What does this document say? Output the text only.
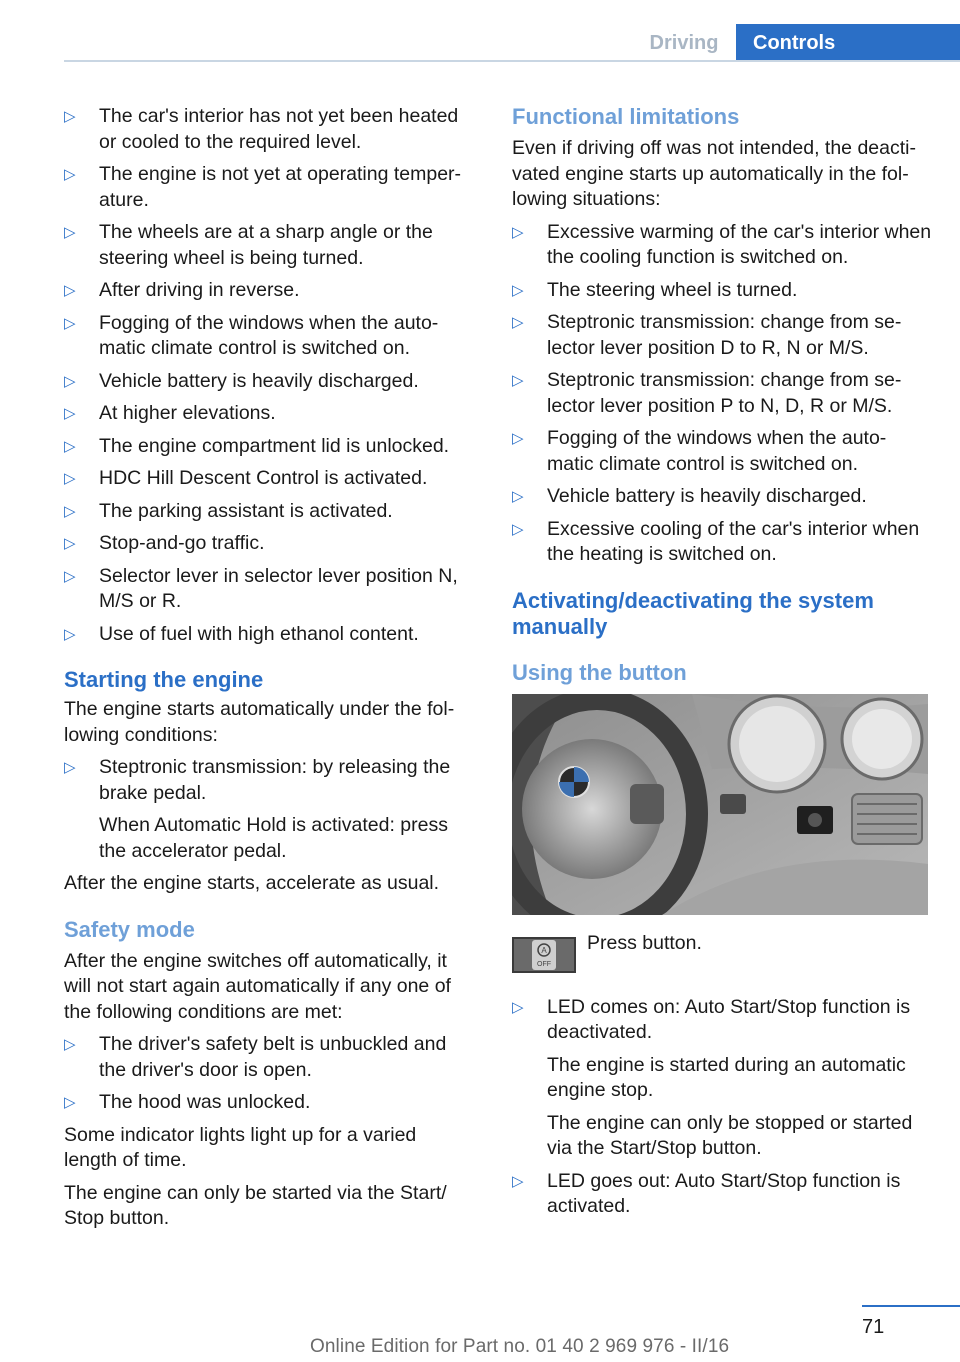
Driving	Controls
▷ The car's interior has not yet been heated or cooled to the required level.
▷ The engine is not yet at operating temper‐ature.
▷ The wheels are at a sharp angle or the steering wheel is being turned.
▷ After driving in reverse.
▷ Fogging of the windows when the auto‐matic climate control is switched on.
▷ Vehicle battery is heavily discharged.
▷ At higher elevations.
▷ The engine compartment lid is unlocked.
▷ HDC Hill Descent Control is activated.
▷ The parking assistant is activated.
▷ Stop-and-go traffic.
▷ Selector lever in selector lever position N, M/S or R.
▷ Use of fuel with high ethanol content.
Starting the engine

The engine starts automatically under the fol‐lowing conditions:

▷ Steptronic transmission: by releasing the brake pedal.
When Automatic Hold is activated: press the accelerator pedal.

After the engine starts, accelerate as usual.

Safety mode

After the engine switches off automatically, it will not start again automatically if any one of the following conditions are met:

▷ The driver's safety belt is unbuckled and the driver's door is open.
▷ The hood was unlocked.

Some indicator lights light up for a varied length of time.

The engine can only be started via the Start/ Stop button.

Functional limitations

Even if driving off was not intended, the deacti‐vated engine starts up automatically in the fol‐lowing situations:

▷ Excessive warming of the car's interior when the cooling function is switched on.
▷ The steering wheel is turned.
▷ Steptronic transmission: change from se‐lector lever position D to R, N or M/S.
▷ Steptronic transmission: change from se‐lector lever position P to N, D, R or M/S.
▷ Fogging of the windows when the auto‐matic climate control is switched on.
▷ Vehicle battery is heavily discharged.
▷ Excessive cooling of the car's interior when the heating is switched on.
Activating/deactivating the system manually
Using the button
A
OFF
Press button.
▷ LED comes on: Auto Start/Stop function is deactivated.
The engine is started during an automatic engine stop.
The engine can only be stopped or started via the Start/Stop button.
▷ LED goes out: Auto Start/Stop function is activated.
71
Online Edition for Part no. 01 40 2 969 976 - II/16
